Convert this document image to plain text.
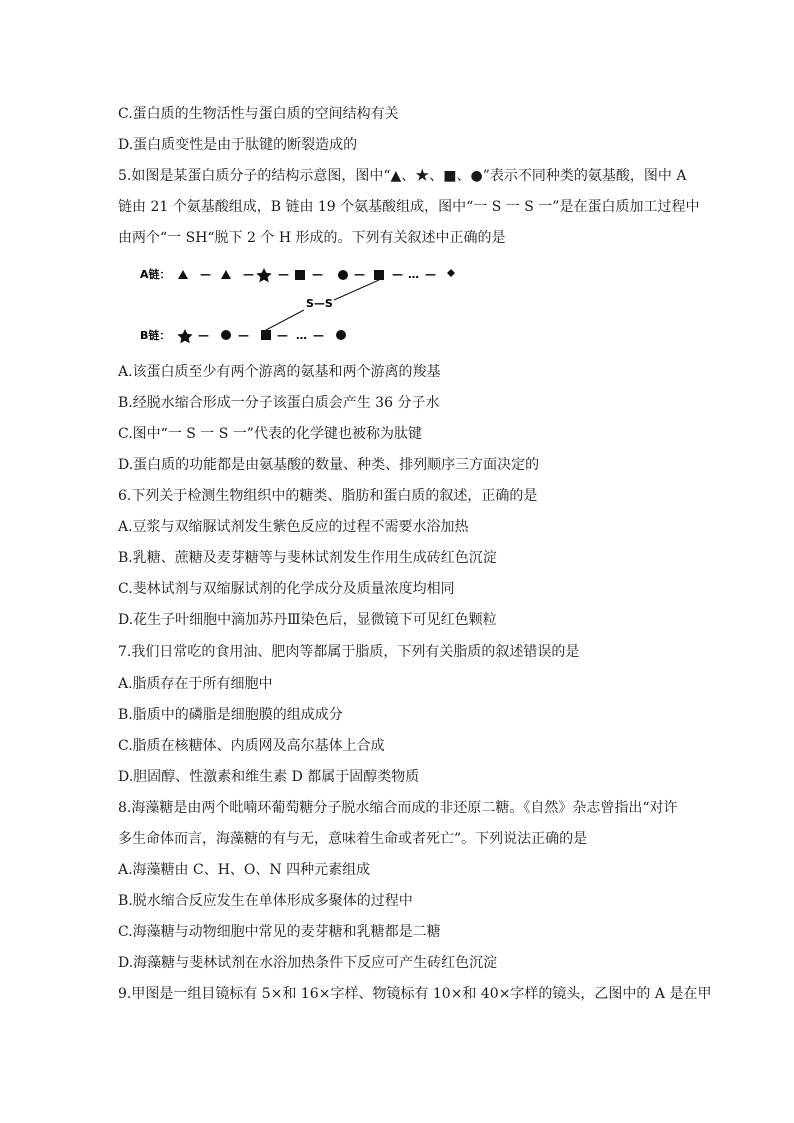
C.蛋白质的生物活性与蛋白质的空间结构有关
D.蛋白质变性是由于肽键的断裂造成的
5.如图是某蛋白质分子的结构示意图，图中“▲、★、■、●”表示不同种类的氨基酸，图中 A
链由 21 个氨基酸组成，B 链由 19 个氨基酸组成，图中“一 S 一 S 一”是在蛋白质加工过程中
由两个“一 SH“脱下 2 个 H 形成的。下列有关叙述中正确的是
A链：	—	— — —	— — … —
S—S
B链：	—	—	— … —
A.该蛋白质至少有两个游离的氨基和两个游离的羧基
B.经脱水缩合形成一分子该蛋白质会产生 36 分子水
C.图中“一 S 一 S 一”代表的化学键也被称为肽键
D.蛋白质的功能都是由氨基酸的数量、种类、排列顺序三方面决定的
6.下列关于检测生物组织中的糖类、脂肪和蛋白质的叙述，正确的是
A.豆浆与双缩脲试剂发生紫色反应的过程不需要水浴加热
B.乳糖、蔗糖及麦芽糖等与斐林试剂发生作用生成砖红色沉淀
C.斐林试剂与双缩脲试剂的化学成分及质量浓度均相同
D.花生子叶细胞中滴加苏丹Ⅲ染色后，显微镜下可见红色颗粒
7.我们日常吃的食用油、肥肉等都属于脂质，下列有关脂质的叙述错误的是
A.脂质存在于所有细胞中
B.脂质中的磷脂是细胞膜的组成成分
C.脂质在核糖体、内质网及高尔基体上合成
D.胆固醇、性激素和维生素 D 都属于固醇类物质
8.海藻糖是由两个吡喃环葡萄糖分子脱水缩合而成的非还原二糖。《自然》杂志曾指出“对许
多生命体而言，海藻糖的有与无，意味着生命或者死亡”。下列说法正确的是
A.海藻糖由 C、H、O、N 四种元素组成
B.脱水缩合反应发生在单体形成多聚体的过程中
C.海藻糖与动物细胞中常见的麦芽糖和乳糖都是二糖
D.海藻糖与斐林试剂在水浴加热条件下反应可产生砖红色沉淀
9.甲图是一组目镜标有 5×和 16×字样、物镜标有 10×和 40×字样的镜头，乙图中的 A 是在甲
